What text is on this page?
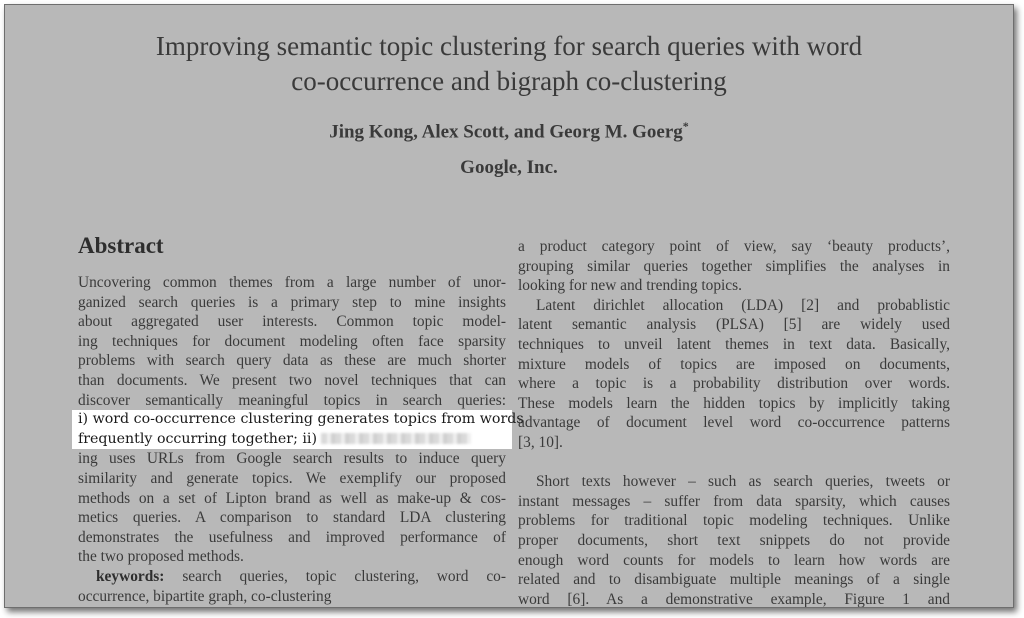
Improving semantic topic clustering for search queries with word
co-occurrence and bigraph co-clustering
Jing Kong, Alex Scott, and Georg M. Goerg*
Google, Inc.
Abstract
Uncovering common themes from a large number of unor-
ganized search queries is a primary step to mine insights
about aggregated user interests. Common topic model-
ing techniques for document modeling often face sparsity
problems with search query data as these are much shorter
than documents. We present two novel techniques that can
discover semantically meaningful topics in search queries:
i) word co-occurrence clustering generates topics from words
frequently occurring together; ii)
ing uses URLs from Google search results to induce query
similarity and generate topics. We exemplify our proposed
methods on a set of Lipton brand as well as make-up & cos-
metics queries. A comparison to standard LDA clustering
demonstrates the usefulness and improved performance of
the two proposed methods.
keywords: search queries, topic clustering, word co-
occurrence, bipartite graph, co-clustering
a product category point of view, say ‘beauty products’,
grouping similar queries together simplifies the analyses in
looking for new and trending topics.
Latent dirichlet allocation (LDA) [2] and probablistic
latent semantic analysis (PLSA) [5] are widely used
techniques to unveil latent themes in text data. Basically,
mixture models of topics are imposed on documents,
where a topic is a probability distribution over words.
These models learn the hidden topics by implicitly taking
advantage of document level word co-occurrence patterns
[3, 10].
Short texts however – such as search queries, tweets or
instant messages – suffer from data sparsity, which causes
problems for traditional topic modeling techniques. Unlike
proper documents, short text snippets do not provide
enough word counts for models to learn how words are
related and to disambiguate multiple meanings of a single
word [6]. As a demonstrative example, Figure 1 and
